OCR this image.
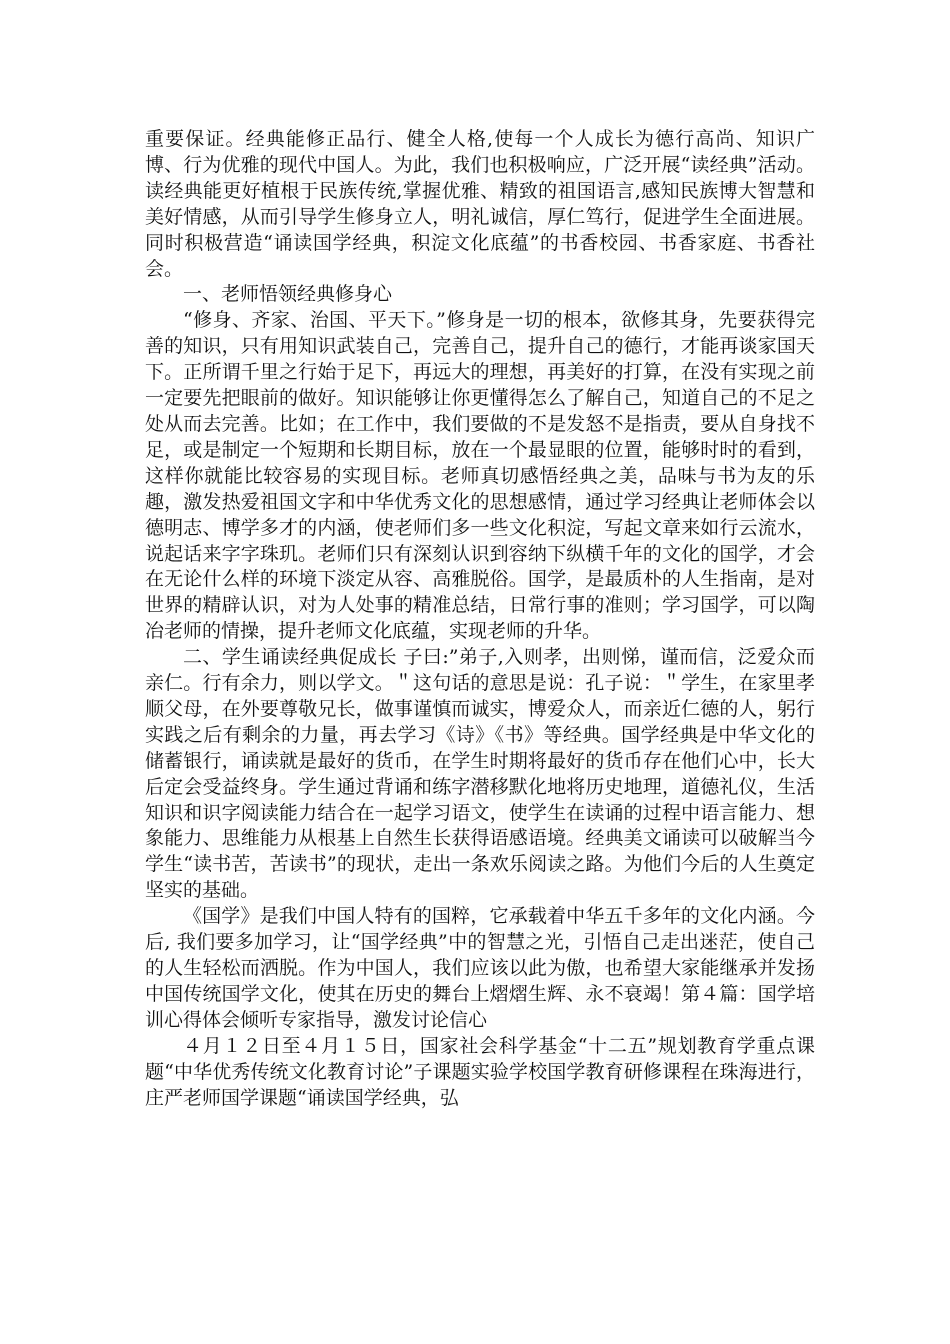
重要保证。经典能修正品行、健全人格,使每一个人成长为德行高尚、知识广博、行为优雅的现代中国人。为此，我们也积极响应，广泛开展“读经典”活动。读经典能更好植根于民族传统,掌握优雅、精致的祖国语言,感知民族博大智慧和美好情感，从而引导学生修身立人，明礼诚信，厚仁笃行，促进学生全面进展。同时积极营造“诵读国学经典，积淀文化底蕴”的书香校园、书香家庭、书香社会。

一、老师悟领经典修身心

“修身、齐家、治国、平天下。”修身是一切的根本，欲修其身，先要获得完善的知识，只有用知识武装自己，完善自己，提升自己的德行，才能再谈家国天下。正所谓千里之行始于足下，再远大的理想，再美好的打算，在没有实现之前一定要先把眼前的做好。知识能够让你更懂得怎么了解自己，知道自己的不足之处从而去完善。比如；在工作中，我们要做的不是发怒不是指责，要从自身找不足，或是制定一个短期和长期目标，放在一个最显眼的位置，能够时时的看到，这样你就能比较容易的实现目标。老师真切感悟经典之美，品味与书为友的乐趣，激发热爱祖国文字和中华优秀文化的思想感情，通过学习经典让老师体会以德明志、博学多才的内涵，使老师们多一些文化积淀，写起文章来如行云流水，说起话来字字珠玑。老师们只有深刻认识到容纳下纵横千年的文化的国学，才会在无论什么样的环境下淡定从容、高雅脱俗。国学，是最质朴的人生指南，是对世界的精辟认识，对为人处事的精准总结，日常行事的准则；学习国学，可以陶冶老师的情操，提升老师文化底蕴，实现老师的升华。

二、学生诵读经典促成长 子曰:”弟子,入则孝，出则悌，谨而信，泛爱众而亲仁。行有余力，则以学文。＂这句话的意思是说：孔子说：＂学生，在家里孝顺父母，在外要尊敬兄长，做事谨慎而诚实，博爱众人，而亲近仁德的人，躬行实践之后有剩余的力量，再去学习《诗》《书》等经典。国学经典是中华文化的储蓄银行，诵读就是最好的货币，在学生时期将最好的货币存在他们心中，长大后定会受益终身。学生通过背诵和练字潜移默化地将历史地理，道德礼仪，生活知识和识字阅读能力结合在一起学习语文，使学生在读诵的过程中语言能力、想象能力、思维能力从根基上自然生长获得语感语境。经典美文诵读可以破解当今学生“读书苦，苦读书”的现状，走出一条欢乐阅读之路。为他们今后的人生奠定坚实的基础。

《国学》是我们中国人特有的国粹，它承载着中华五千多年的文化内涵。今后, 我们要多加学习，让“国学经典”中的智慧之光，引悟自己走出迷茫，使自己的人生轻松而洒脱。作为中国人，我们应该以此为傲，也希望大家能继承并发扬中国传统国学文化，使其在历史的舞台上熠熠生辉、永不衰竭！第４篇：国学培训心得体会倾听专家指导，激发讨论信心

４月１２日至４月１５日，国家社会科学基金“十二五”规划教育学重点课题“中华优秀传统文化教育讨论”子课题实验学校国学教育研修课程在珠海进行，庄严老师国学课题“诵读国学经典，弘
